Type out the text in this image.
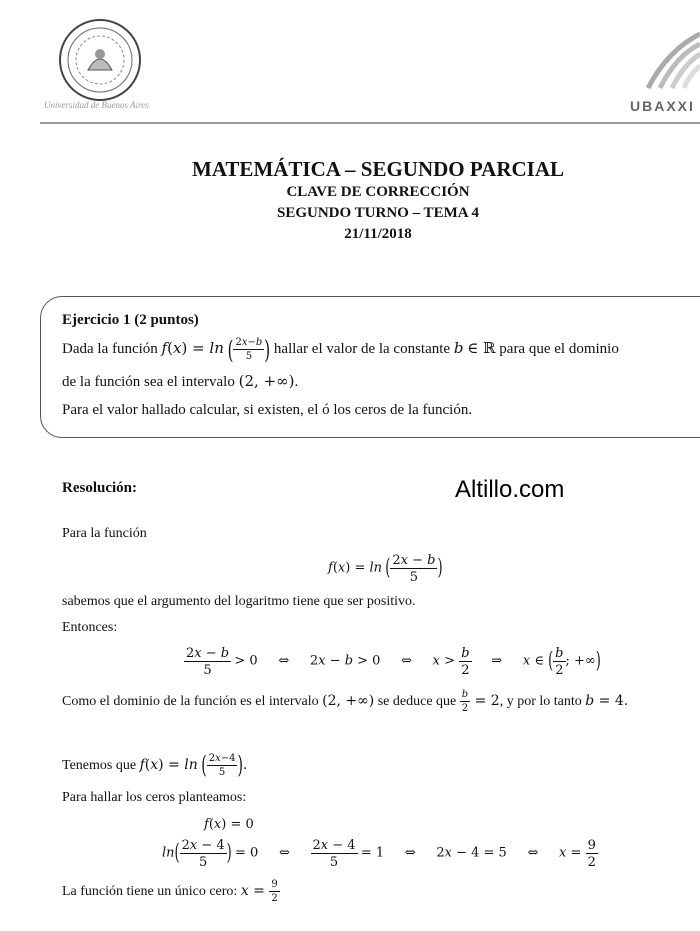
Universidad de Buenos Aires	UBAXXI
MATEMÁTICA – SEGUNDO PARCIAL
CLAVE DE CORRECCIÓN
SEGUNDO TURNO – TEMA 4
21/11/2018
Ejercicio 1 (2 puntos)
Dada la función f(x) = ln ( $\frac{2x-b}{5}$ ) hallar el valor de la constante b ∈ ℝ para que el dominio
de la función sea el intervalo (2, +∞).
Para el valor hallado calcular, si existen, el ó los ceros de la función.
Altillo.com
Resolución:
Para la función
f(x) = ln ( $\frac{2x - b}{5}$ )
sabemos que el argumento del logaritmo tiene que ser positivo.
Entonces:
$\frac{2x - b}{5} > 0$     ⇔     2x − b > 0     ⇔     $x > \frac{b}{2}$ ⇒     x ∈ ( $\frac{b}{2}$ ; +∞)
Como el dominio de la función es el intervalo (2, +∞) se deduce que $\frac{b}{2} = 2$, y por lo tanto b = 4.
Tenemos que f(x) = ln ( $\frac{2x-4}{5}$ ).
Para hallar los ceros planteamos:
f(x) = 0
$\ln( \frac{2x - 4}{5}$ ) = 0     ⇔ $\frac{2x - 4}{5} = 1$     ⇔     2x − 4 = 5     ⇔     $x = \frac{9}{2}$
La función tiene un único cero: $x = \frac{9}{2}$
